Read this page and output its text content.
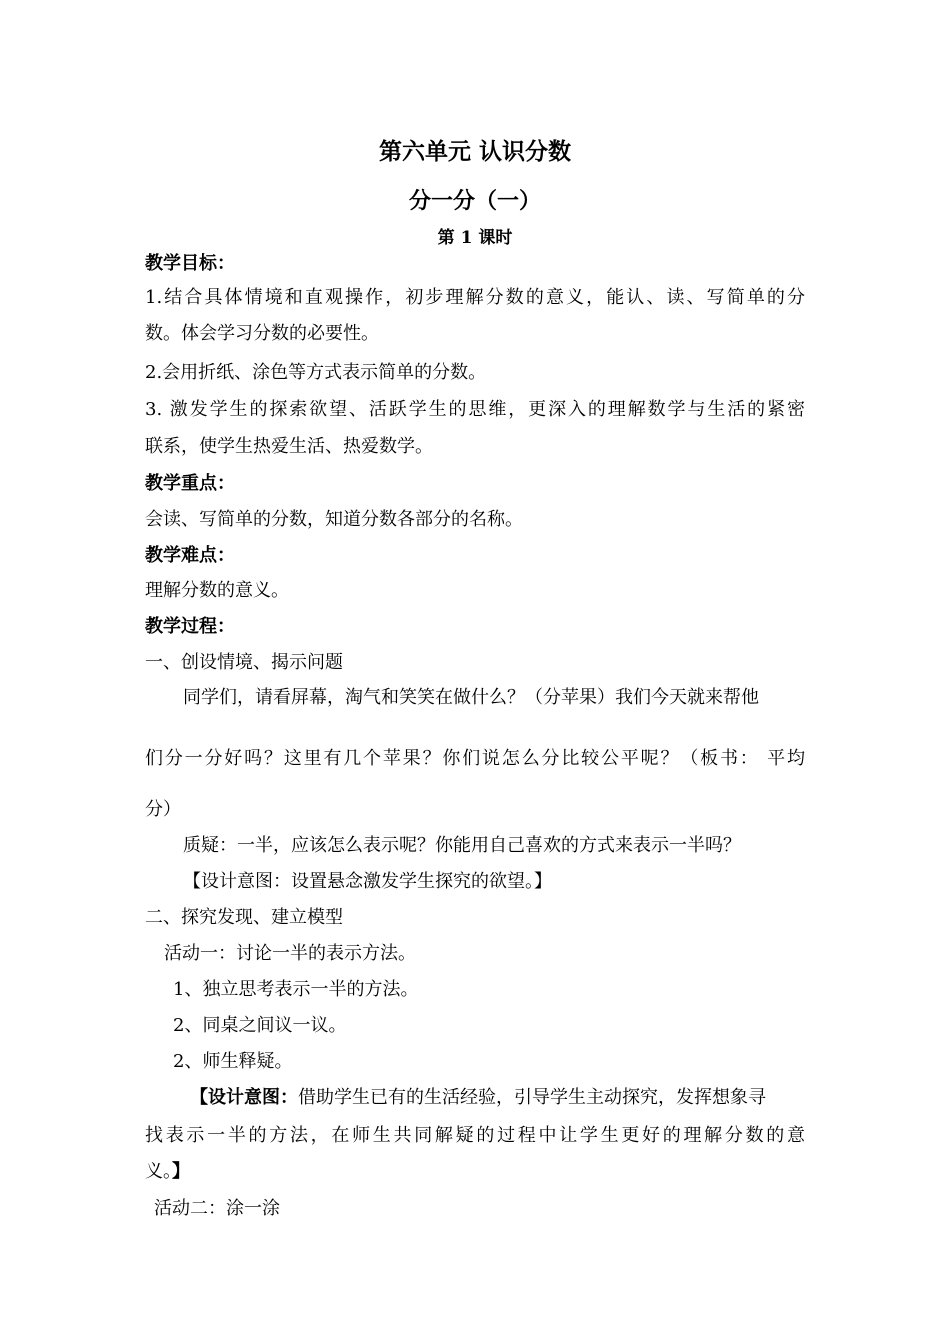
第六单元 认识分数
分一分（一）
第 1 课时
教学目标：
1.结合具体情境和直观操作，初步理解分数的意义，能认、读、写简单的分
数。体会学习分数的必要性。
2.会用折纸、涂色等方式表示简单的分数。
3. 激发学生的探索欲望、活跃学生的思维，更深入的理解数学与生活的紧密
联系，使学生热爱生活、热爱数学。
教学重点：
会读、写简单的分数，知道分数各部分的名称。
教学难点：
理解分数的意义。
教学过程：
一、创设情境、揭示问题
同学们，请看屏幕，淘气和笑笑在做什么？（分苹果）我们今天就来帮他
们分一分好吗？这里有几个苹果？你们说怎么分比较公平呢？（板书： 平均
分）
质疑：一半，应该怎么表示呢？你能用自己喜欢的方式来表示一半吗？
【设计意图：设置悬念激发学生探究的欲望。】
二、探究发现、建立模型
活动一：讨论一半的表示方法。
1、独立思考表示一半的方法。
2、同桌之间议一议。
2、师生释疑。
【设计意图：借助学生已有的生活经验，引导学生主动探究，发挥想象寻
找表示一半的方法，在师生共同解疑的过程中让学生更好的理解分数的意
义。】
活动二：涂一涂
